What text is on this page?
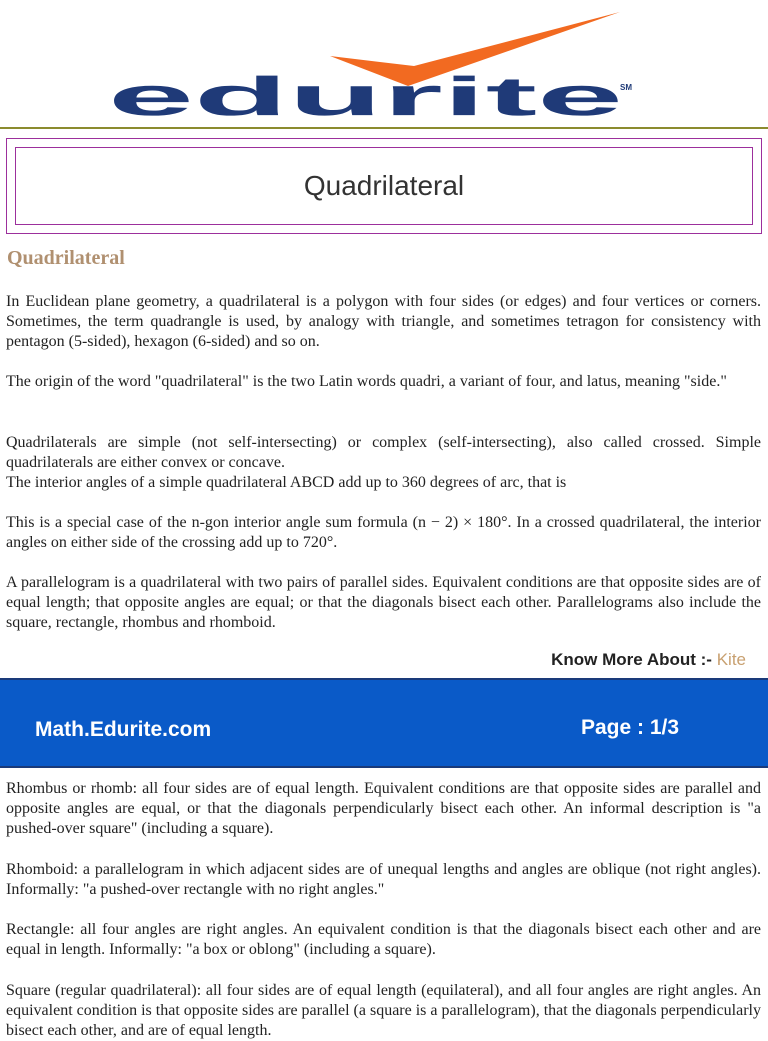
edurite
SM
Quadrilateral
Quadrilateral

In Euclidean plane geometry, a quadrilateral is a polygon with four sides (or edges) and four vertices or corners. Sometimes, the term quadrangle is used, by analogy with triangle, and sometimes tetragon for consistency with pentagon (5-sided), hexagon (6-sided) and so on.

The origin of the word "quadrilateral" is the two Latin words quadri, a variant of four, and latus, meaning "side."

Quadrilaterals are simple (not self-intersecting) or complex (self-intersecting), also called crossed. Simple quadrilaterals are either convex or concave.

The interior angles of a simple quadrilateral ABCD add up to 360 degrees of arc, that is

This is a special case of the n-gon interior angle sum formula (n − 2) × 180°. In a crossed quadrilateral, the interior angles on either side of the crossing add up to 720°.

A parallelogram is a quadrilateral with two pairs of parallel sides. Equivalent conditions are that opposite sides are of equal length; that opposite angles are equal; or that the diagonals bisect each other. Parallelograms also include the square, rectangle, rhombus and rhomboid.

Know More About :- Kite
Math.Edurite.com	Page : 1/3

Rhombus or rhomb: all four sides are of equal length. Equivalent conditions are that opposite sides are parallel and opposite angles are equal, or that the diagonals perpendicularly bisect each other. An informal description is "a pushed-over square" (including a square).

Rhomboid: a parallelogram in which adjacent sides are of unequal lengths and angles are oblique (not right angles). Informally: "a pushed-over rectangle with no right angles."

Rectangle: all four angles are right angles. An equivalent condition is that the diagonals bisect each other and are equal in length. Informally: "a box or oblong" (including a square).

Square (regular quadrilateral): all four sides are of equal length (equilateral), and all four angles are right angles. An equivalent condition is that opposite sides are parallel (a square is a parallelogram), that the diagonals perpendicularly bisect each other, and are of equal length.
